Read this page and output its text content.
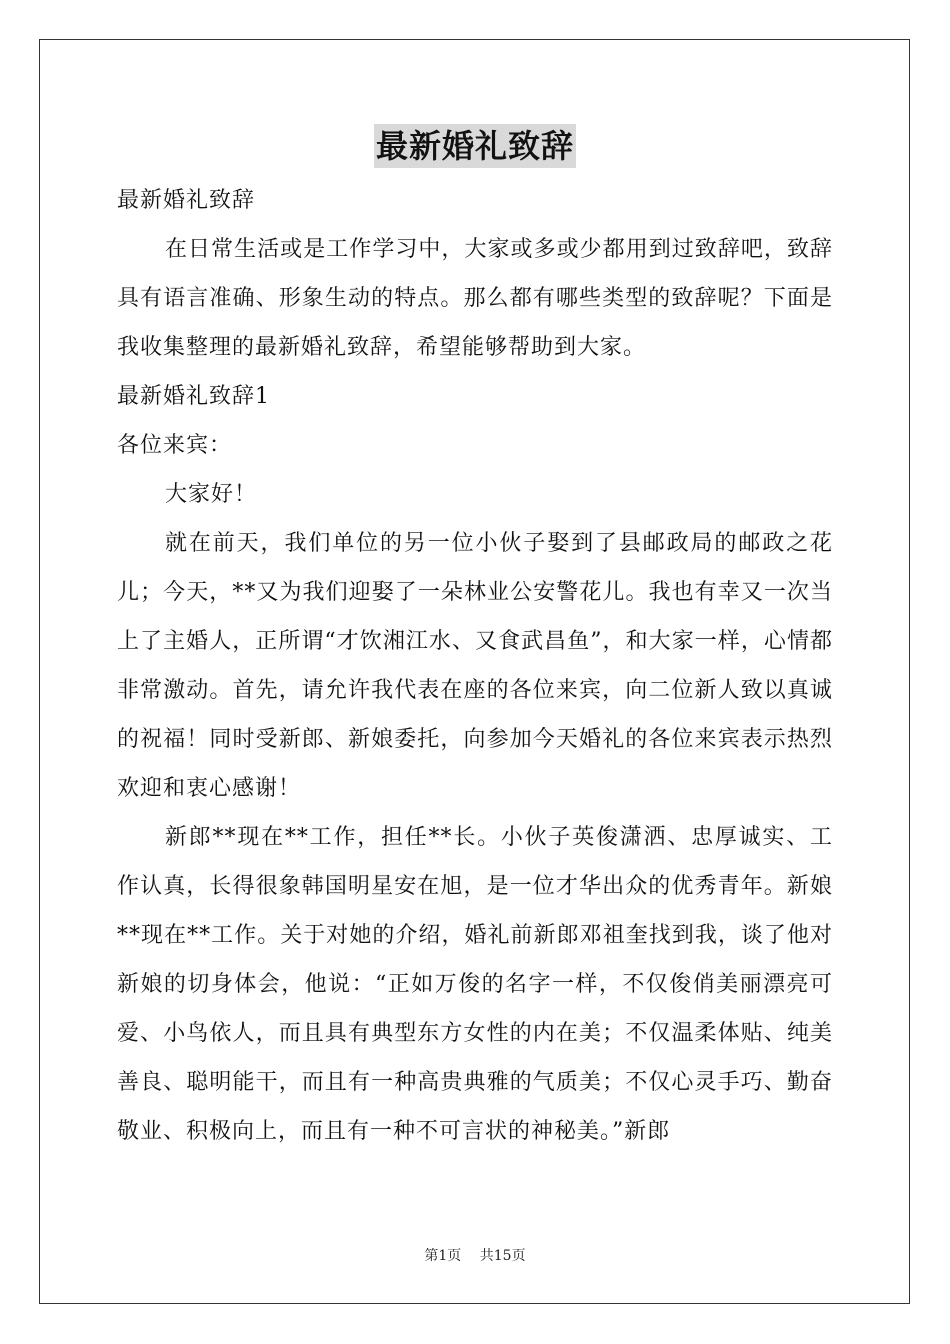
最新婚礼致辞

最新婚礼致辞

在日常生活或是工作学习中，大家或多或少都用到过致辞吧，致辞具有语言准确、形象生动的特点。那么都有哪些类型的致辞呢？下面是我收集整理的最新婚礼致辞，希望能够帮助到大家。

最新婚礼致辞1

各位来宾：

大家好！

就在前天，我们单位的另一位小伙子娶到了县邮政局的邮政之花儿；今天，**又为我们迎娶了一朵林业公安警花儿。我也有幸又一次当上了主婚人，正所谓“才饮湘江水、又食武昌鱼”，和大家一样，心情都非常激动。首先，请允许我代表在座的各位来宾，向二位新人致以真诚的祝福！同时受新郎、新娘委托，向参加今天婚礼的各位来宾表示热烈欢迎和衷心感谢！

新郎**现在**工作，担任**长。小伙子英俊潇洒、忠厚诚实、工作认真，长得很象韩国明星安在旭，是一位才华出众的优秀青年。新娘**现在**工作。关于对她的介绍，婚礼前新郎邓祖奎找到我，谈了他对新娘的切身体会，他说：“正如万俊的名字一样，不仅俊俏美丽漂亮可爱、小鸟依人，而且具有典型东方女性的内在美；不仅温柔体贴、纯美善良、聪明能干，而且有一种高贵典雅的气质美；不仅心灵手巧、勤奋敬业、积极向上，而且有一种不可言状的神秘美。”新郎

第1页 共15页
